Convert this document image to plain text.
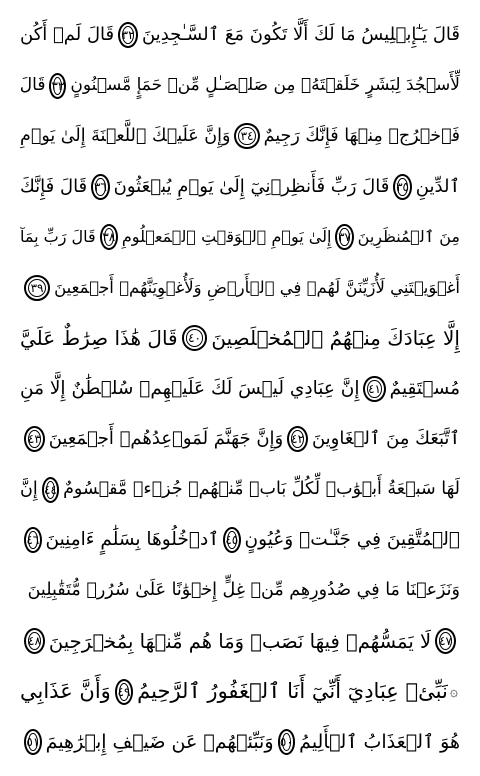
قَالَ يَـٰٓإِبۡلِيسُ مَا لَكَ أَلَّا تَكُونَ مَعَ ٱلسَّـٰجِدِينَ
٣٢
قَالَ لَمۡ أَكُن
لِّأَسۡجُدَ لِبَشَرٍ خَلَقۡتَهُۥ مِن صَلۡصَـٰلٍ مِّنۡ حَمَإٍ مَّسۡنُونٍ
٣٣
قَالَ
فَٱخۡرُجۡ مِنۡهَا فَإِنَّكَ رَجِيمٌ
٣٤
وَإِنَّ عَلَيۡكَ ٱللَّعۡنَةَ إِلَىٰ يَوۡمِ
ٱلدِّينِ
٣٥
قَالَ رَبِّ فَأَنظِرۡنِيٓ إِلَىٰ يَوۡمِ يُبۡعَثُونَ
٣٦
قَالَ فَإِنَّكَ
مِنَ ٱلۡمُنظَرِينَ
٣٧
إِلَىٰ يَوۡمِ ٱلۡوَقۡتِ ٱلۡمَعۡلُومِ
٣٨
قَالَ رَبِّ بِمَآ
أَغۡوَيۡتَنِي لَأُزَيِّنَنَّ لَهُمۡ فِي ٱلۡأَرۡضِ وَلَأُغۡوِيَنَّهُمۡ أَجۡمَعِينَ
٣٩
إِلَّا عِبَادَكَ مِنۡهُمُ ٱلۡمُخۡلَصِينَ
٤٠
قَالَ هَٰذَا صِرَٰطٌ عَلَيَّ
مُسۡتَقِيمٌ
٤١
إِنَّ عِبَادِي لَيۡسَ لَكَ عَلَيۡهِمۡ سُلۡطَٰنٌ إِلَّا مَنِ
ٱتَّبَعَكَ مِنَ ٱلۡغَاوِينَ
٤٢
وَإِنَّ جَهَنَّمَ لَمَوۡعِدُهُمۡ أَجۡمَعِينَ
٤٣
لَهَا سَبۡعَةُ أَبۡوَٰبٖ لِّكُلِّ بَابٖ مِّنۡهُمۡ جُزۡءٞ مَّقۡسُومٌ
٤٤
إِنَّ
ٱلۡمُتَّقِينَ فِي جَنَّـٰتٖ وَعُيُونٍ
٤٥
ٱدۡخُلُوهَا بِسَلَٰمٍ ءَامِنِينَ
٤٦
وَنَزَعۡنَا مَا فِي صُدُورِهِم مِّنۡ غِلٍّ إِخۡوَٰنًا عَلَىٰ سُرُرٖ مُّتَقَٰبِلِينَ
٤٧
لَا يَمَسُّهُمۡ فِيهَا نَصَبٞ وَمَا هُم مِّنۡهَا بِمُخۡرَجِينَ
٤٨
۞
نَبِّئۡ عِبَادِيٓ أَنِّيٓ أَنَا ٱلۡغَفُورُ ٱلرَّحِيمُ
٤٩
وَأَنَّ عَذَابِي
هُوَ ٱلۡعَذَابُ ٱلۡأَلِيمُ
٥٠
وَنَبِّئۡهُمۡ عَن ضَيۡفِ إِبۡرَٰهِيمَ
٥١
